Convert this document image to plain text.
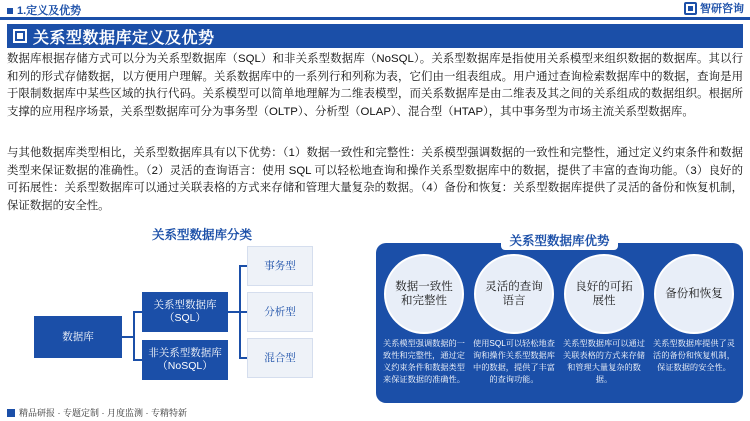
1.定义及优势	智研咨询
关系型数据库定义及优势

数据库根据存储方式可以分为关系型数据库（SQL）和非关系型数据库（NoSQL）。关系型数据库是指使用关系模型来组织数据的数据库。其以行和列的形式存储数据，以方便用户理解。关系数据库中的一系列行和列称为表，它们由一组表组成。用户通过查询检索数据库中的数据，查询是用于限制数据库中某些区域的执行代码。关系模型可以简单地理解为二维表模型，而关系数据库是由二维表及其之间的关系组成的数据组织。根据所支撑的应用程序场景，关系型数据库可分为事务型（OLTP）、分析型（OLAP）、混合型（HTAP），其中事务型为市场主流关系型数据库。

与其他数据库类型相比，关系型数据库具有以下优势：（1）数据一致性和完整性：关系模型强调数据的一致性和完整性，通过定义约束条件和数据类型来保证数据的准确性。（2）灵活的查询语言：使用 SQL 可以轻松地查询和操作关系型数据库中的数据，提供了丰富的查询功能。（3）良好的可拓展性：关系型数据库可以通过关联表格的方式来存储和管理大量复杂的数据。（4）备份和恢复：关系型数据库提供了灵活的备份和恢复机制，保证数据的安全性。

关系型数据库分类
数据库
关系型数据库（SQL）
非关系型数据库（NoSQL）
事务型
分析型
混合型
关系型数据库优势
数据一致性和完整性
关系模型强调数据的一致性和完整性，通过定义约束条件和数据类型来保证数据的准确性。
灵活的查询语言
使用SQL可以轻松地查询和操作关系型数据库中的数据，提供了丰富的查询功能。
良好的可拓展性
关系型数据库可以通过关联表格的方式来存储和管理大量复杂的数据。
备份和恢复
关系型数据库提供了灵活的备份和恢复机制，保证数据的安全性。
精品研报 · 专题定制 · 月度监测 · 专精特新
